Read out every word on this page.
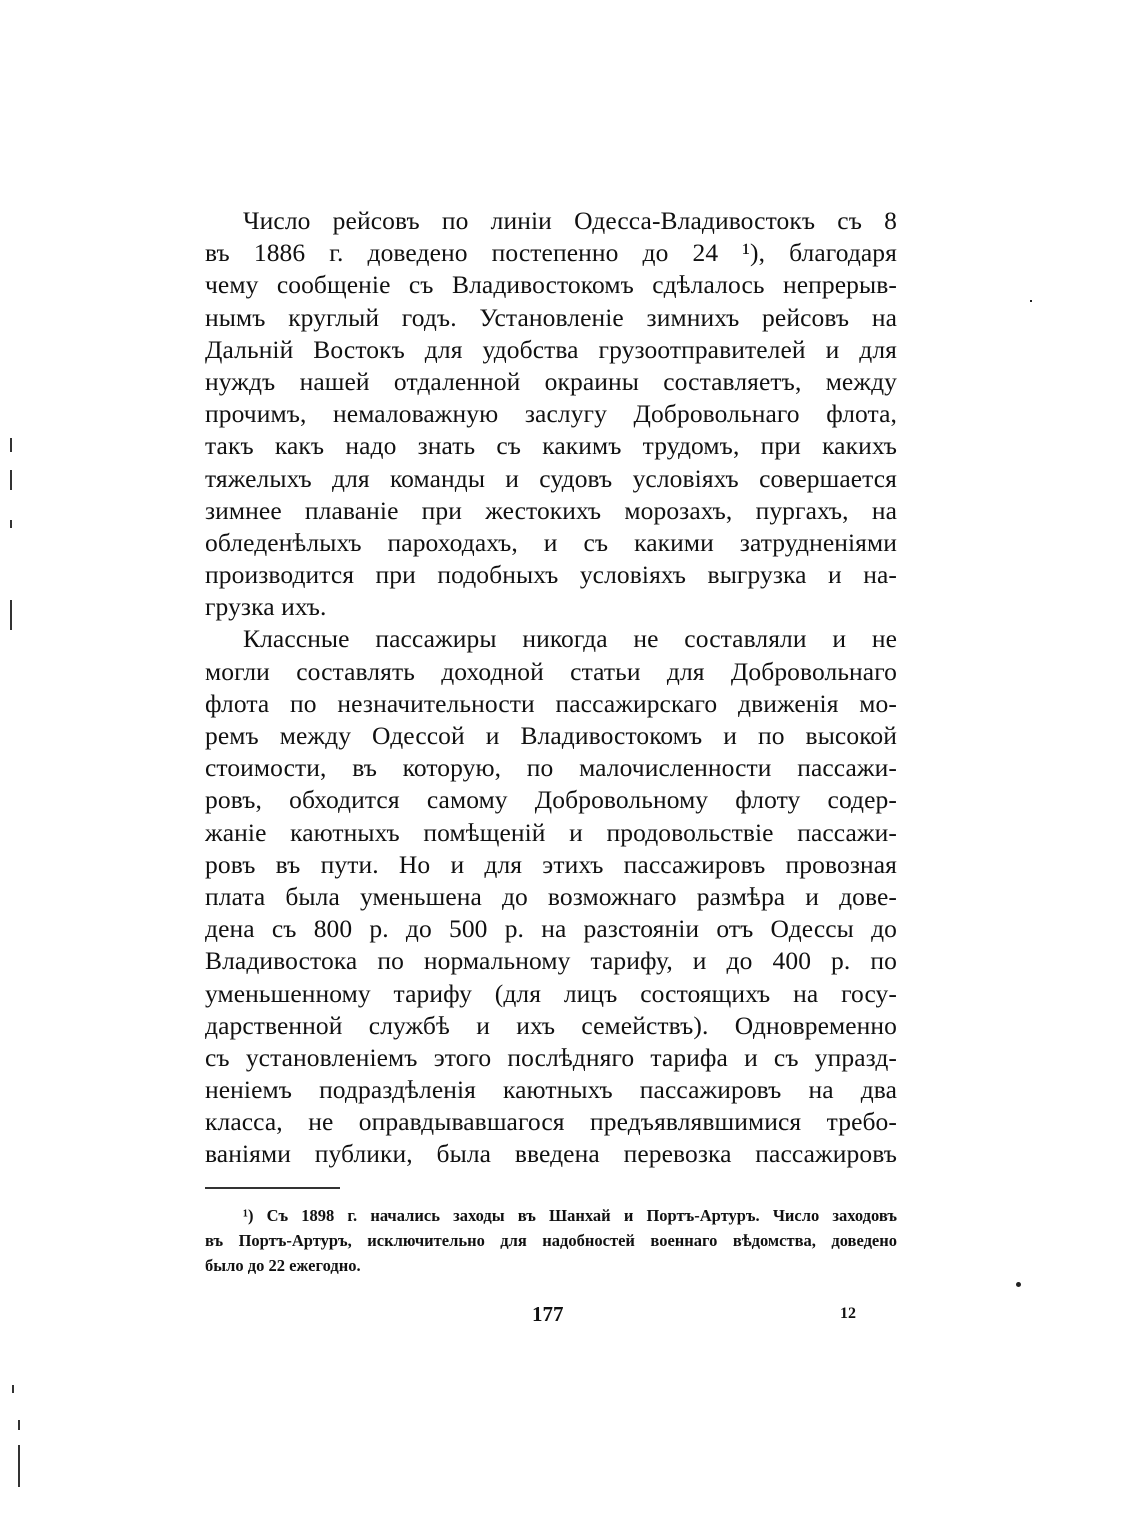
Число рейсовъ по линіи Одесса-Владивостокъ съ 8
въ 1886 г. доведено постепенно до 24 ¹), благодаря
чему сообщеніе съ Владивостокомъ сдѣлалось непрерыв-
нымъ круглый годъ. Установленіе зимнихъ рейсовъ на
Дальній Востокъ для удобства грузоотправителей и для
нуждъ нашей отдаленной окраины составляетъ, между
прочимъ, немаловажную заслугу Добровольнаго флота,
такъ какъ надо знать съ какимъ трудомъ, при какихъ
тяжелыхъ для команды и судовъ условіяхъ совершается
зимнее плаваніе при жестокихъ морозахъ, пургахъ, на
обледенѣлыхъ пароходахъ, и съ какими затрудненіями
производится при подобныхъ условіяхъ выгрузка и на-
грузка ихъ.
Классные пассажиры никогда не составляли и не
могли составлять доходной статьи для Добровольнаго
флота по незначительности пассажирскаго движенія мо-
ремъ между Одессой и Владивостокомъ и по высокой
стоимости, въ которую, по малочисленности пассажи-
ровъ, обходится самому Добровольному флоту содер-
жаніе каютныхъ помѣщеній и продовольствіе пассажи-
ровъ въ пути. Но и для этихъ пассажировъ провозная
плата была уменьшена до возможнаго размѣра и дове-
дена съ 800 р. до 500 р. на разстояніи отъ Одессы до
Владивостока по нормальному тарифу, и до 400 р. по
уменьшенному тарифу (для лицъ состоящихъ на госу-
дарственной службѣ и ихъ семействъ). Одновременно
съ установленіемъ этого послѣдняго тарифа и съ упразд-
неніемъ подраздѣленія каютныхъ пассажировъ на два
класса, не оправдывавшагося предъявлявшимися требо-
ваніями публики, была введена перевозка пассажировъ
¹) Съ 1898 г. начались заходы въ Шанхай и Портъ-Артуръ. Число заходовъ
въ Портъ-Артуръ, исключительно для надобностей военнаго вѣдомства, доведено
было до 22 ежегодно.
177	12
